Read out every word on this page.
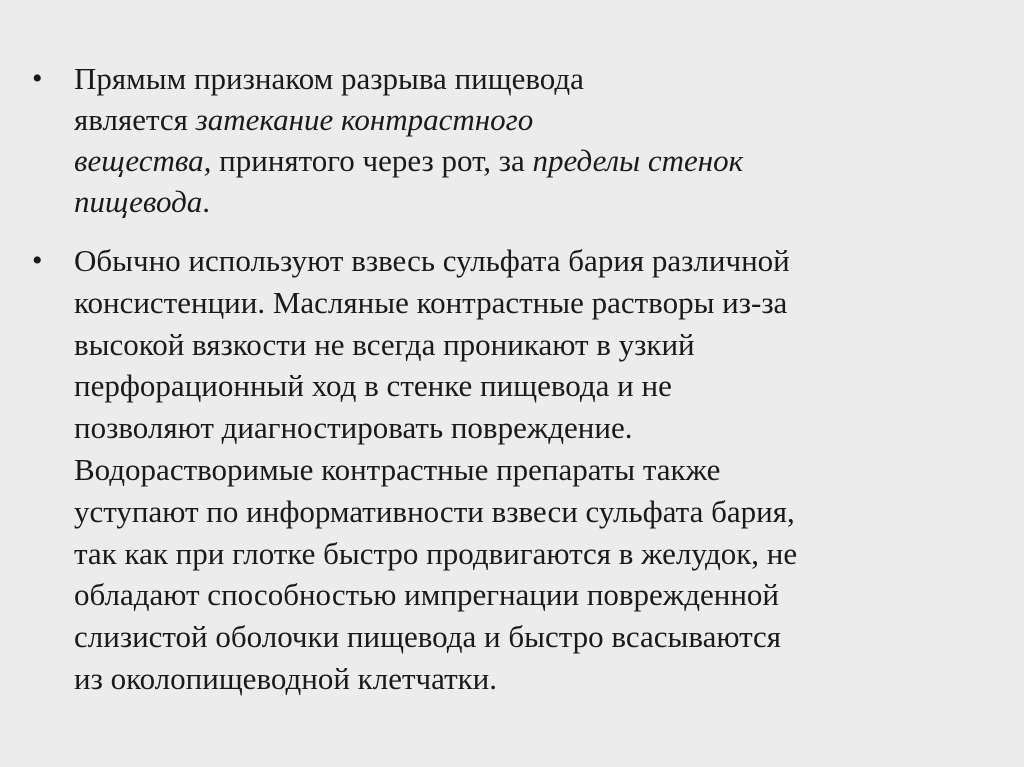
• Прямым признаком разрыва пищевода
является затекание контрастного
вещества, принятого через рот, за пределы стенок
пищевода.
• Обычно используют взвесь сульфата бария различной
консистенции. Масляные контрастные растворы из-за
высокой вязкости не всегда проникают в узкий
перфорационный ход в стенке пищевода и не
позволяют диагностировать повреждение.
Водорастворимые контрастные препараты также
уступают по информативности взвеси сульфата бария,
так как при глотке быстро продвигаются в желудок, не
обладают способностью импрегнации поврежденной
слизистой оболочки пищевода и быстро всасываются
из околопищеводной клетчатки.
